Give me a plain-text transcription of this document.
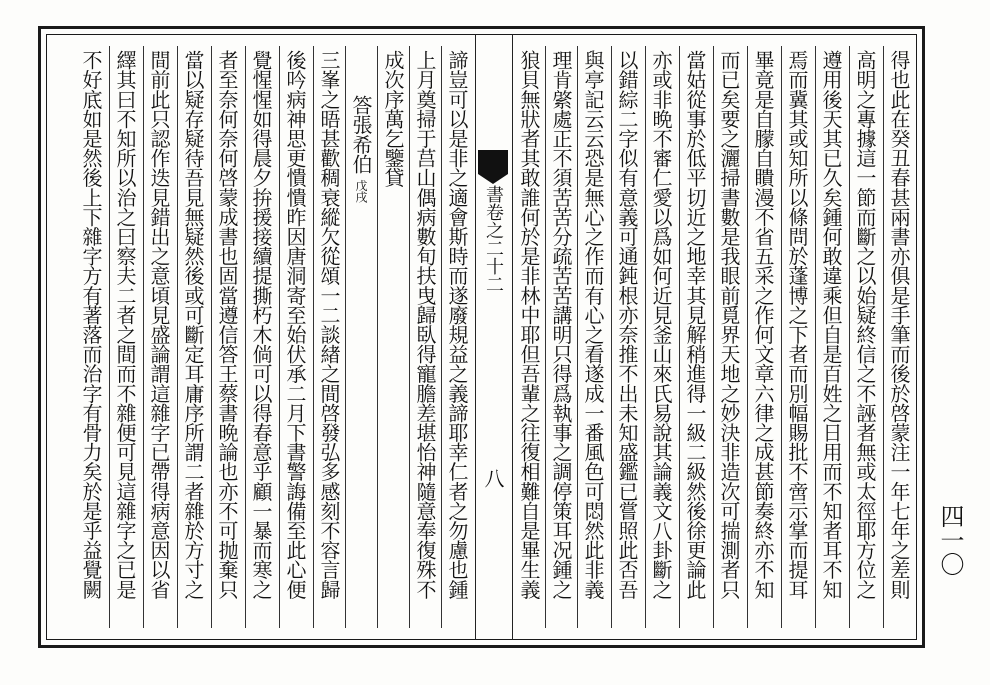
得也此在癸丑春甚兩書亦俱是手筆而後於啓蒙注一年七年之差則
高明之專據這一節而斷之以始疑終信之不誣者無或太徑耶方位之
遵用後天其已久矣鍾何敢違乘但自是百姓之日用而不知者耳不知
焉而冀其或知所以條問於蓬博之下者而別幅賜批不啻示掌而提耳
畢竟是自朦自瞶漫不省五采之作何文章六律之成甚節奏終亦不知
而已矣要之灑掃書數是我眼前覓界天地之妙決非造次可揣測者只
當姑從事於低平切近之地幸其見解稍進得一級二級然後徐更論此
亦或非晩不審仁愛以爲如何近見釜山來氏易說其論義文八卦斷之
以錯綜二字似有意義可通鈍根亦奈推不出未知盛鑑已嘗照此否吾
與亭記云云恐是無心之作而有心之看遂成一番風色可悶然此非義
理肯綮處正不須苦苦分疏苦苦講明只得爲執事之調停策耳况鍾之
狼貝無狀者其敢誰何於是非林中耶但吾輩之往復相難自是畢生義
書卷之二十二
八
諦豈可以是非之適會斯時而遂廢規益之義諦耶幸仁者之勿慮也鍾
上月奠掃于莒山偶病數旬扶曳歸臥得寵膽差堪怡神隨意奉復殊不
成次序萬乞鑒貸
答張希伯 戊戌
三峯之晤甚歡稠衰縱欠從頌一二談緖之間啓發弘多感刻不容言歸
後吟病神思更憒憒昨因唐洞寄至始伏承二月下書警誨備至此心便
覺惺惺如得晨夕拚援接續提撕朽木倘可以得春意乎顧一暴而寒之
者至奈何奈何啓蒙成書也固當遵信答王蔡書晩論也亦不可抛棄只
當以疑存疑待吾見無疑然後或可斷定耳庸序所謂二者雜於方寸之
間前此只認作迭見錯出之意頃見盛論謂這雜字已帶得病意因以省
繹其曰不知所以治之曰察夫二者之間而不雜便可見這雜字之已是
不好底如是然後上下雜字方有著落而治字有骨力矣於是乎益覺闕	四一〇
